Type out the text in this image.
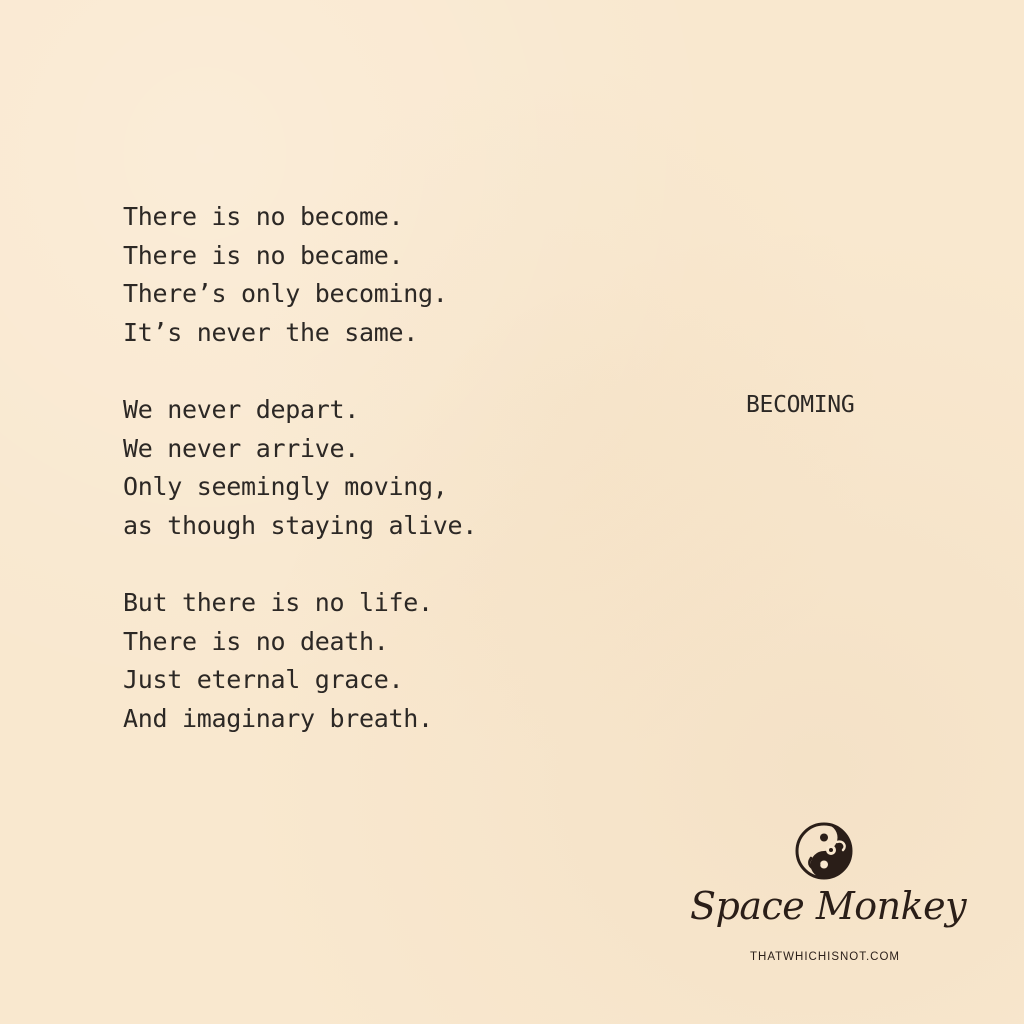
There is no become.
There is no became.
There’s only becoming.
It’s never the same.
We never depart.
We never arrive.
Only seemingly moving,
as though staying alive.
But there is no life.
There is no death.
Just eternal grace.
And imaginary breath.
BECOMING
Space Monkey
THATWHICHISNOT.COM
